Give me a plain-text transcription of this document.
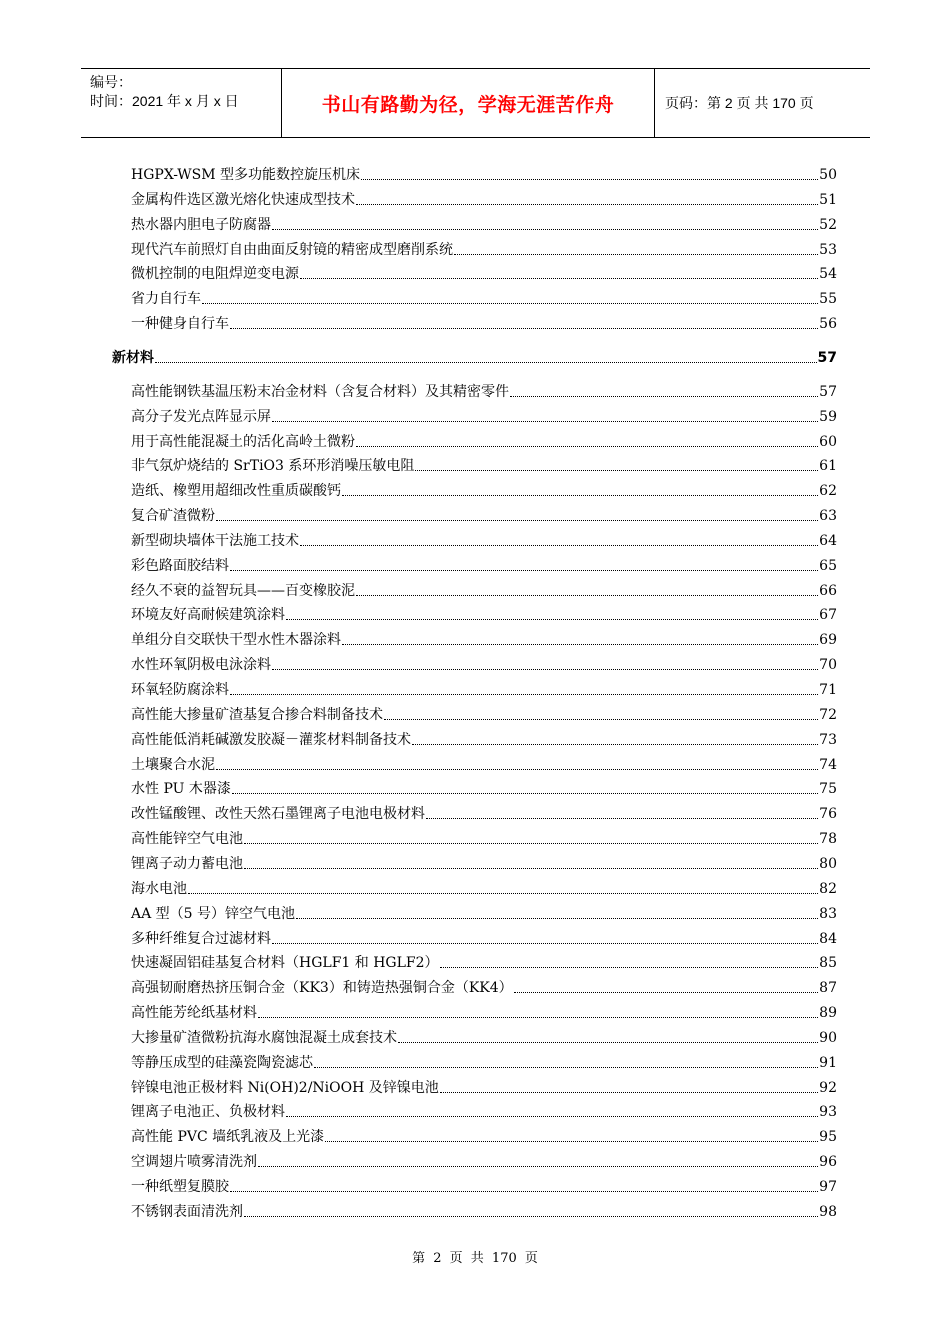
编号：
时间：2021 年 x 月 x 日	书山有路勤为径，学海无涯苦作舟	页码：第 2 页 共 170 页
HGPX-WSM 型多功能数控旋压机床	50
金属构件选区激光熔化快速成型技术	51
热水器内胆电子防腐器	52
现代汽车前照灯自由曲面反射镜的精密成型磨削系统	53
微机控制的电阻焊逆变电源	54
省力自行车	55
一种健身自行车	56
新材料	57
高性能钢铁基温压粉末冶金材料（含复合材料）及其精密零件	57
高分子发光点阵显示屏	59
用于高性能混凝土的活化高岭土微粉	60
非气氛炉烧结的 SrTiO3 系环形消噪压敏电阻	61
造纸、橡塑用超细改性重质碳酸钙	62
复合矿渣微粉	63
新型砌块墙体干法施工技术	64
彩色路面胶结料	65
经久不衰的益智玩具——百变橡胶泥	66
环境友好高耐候建筑涂料	67
单组分自交联快干型水性木器涂料	69
水性环氧阴极电泳涂料	70
环氧轻防腐涂料	71
高性能大掺量矿渣基复合掺合料制备技术	72
高性能低消耗碱激发胶凝－灌浆材料制备技术	73
土壤聚合水泥	74
水性 PU 木器漆	75
改性锰酸锂、改性天然石墨锂离子电池电极材料	76
高性能锌空气电池	78
锂离子动力蓄电池	80
海水电池	82
AA 型（5 号）锌空气电池	83
多种纤维复合过滤材料	84
快速凝固铝硅基复合材料（HGLF1 和 HGLF2）	85
高强韧耐磨热挤压铜合金（KK3）和铸造热强铜合金（KK4）	87
高性能芳纶纸基材料	89
大掺量矿渣微粉抗海水腐蚀混凝土成套技术	90
等静压成型的硅藻瓷陶瓷滤芯	91
锌镍电池正极材料 Ni(OH)2/NiOOH 及锌镍电池	92
锂离子电池正、负极材料	93
高性能 PVC 墙纸乳液及上光漆	95
空调翅片喷雾清洗剂	96
一种纸塑复膜胶	97
不锈钢表面清洗剂	98
第 2 页 共 170 页
